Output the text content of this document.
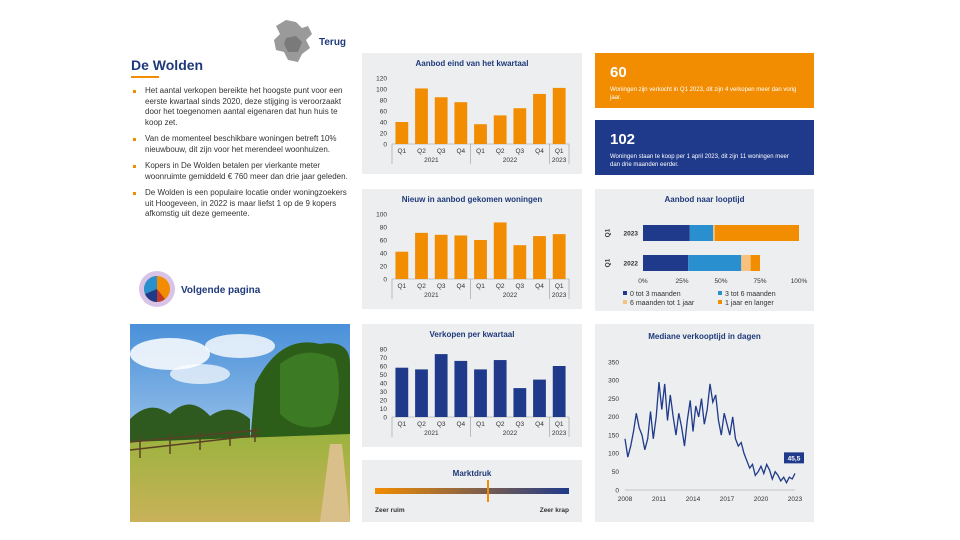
Terug
De Wolden
Het aantal verkopen bereikte het hoogste punt voor een eerste kwartaal sinds 2020, deze stijging is veroorzaakt door het toegenomen aantal eigenaren dat hun huis te koop zet.
Van de momenteel beschikbare woningen betreft 10% nieuwbouw, dit zijn voor het merendeel woonhuizen.
Kopers in De Wolden betalen per vierkante meter woonruimte gemiddeld € 760 meer dan drie jaar geleden.
De Wolden is een populaire locatie onder woningzoekers uit Hoogeveen, in 2022 is maar liefst 1 op de 9 kopers afkomstig uit deze gemeente.
Volgende pagina
Aanbod eind van het kwartaal
0
20
40
60
80
100
120
Q1 Q2 Q3 Q4 Q1 Q2 Q3 Q4 Q1
2021	2022	2023
Nieuw in aanbod gekomen woningen
0
20
40
60
80
100
Q1 Q2 Q3 Q4 Q1 Q2 Q3 Q4 Q1
2021	2022	2023
Verkopen per kwartaal
0
10
20
30
40
50
60
70
80
Q1 Q2 Q3 Q4 Q1 Q2 Q3 Q4 Q1
2021	2022	2023
Marktdruk
Zeer ruim	Zeer krap
60
Woningen zijn verkocht in Q1 2023, dit zijn 4 verkopen meer dan vorig jaar.
102
Woningen staan te koop per 1 april 2023, dit zijn 11 woningen meer dan drie maanden eerder.
Aanbod naar looptijd
2023
Q1
2022
Q1
0%	25%	50%	75%	100%
0 tot 3 maanden	3 tot 6 maanden
6 maanden tot 1 jaar	1 jaar en langer
Mediane verkooptijd in dagen
0
50
100
150
200
250
300
350
2008	2011	2014	2017	2020	2023
45,5
